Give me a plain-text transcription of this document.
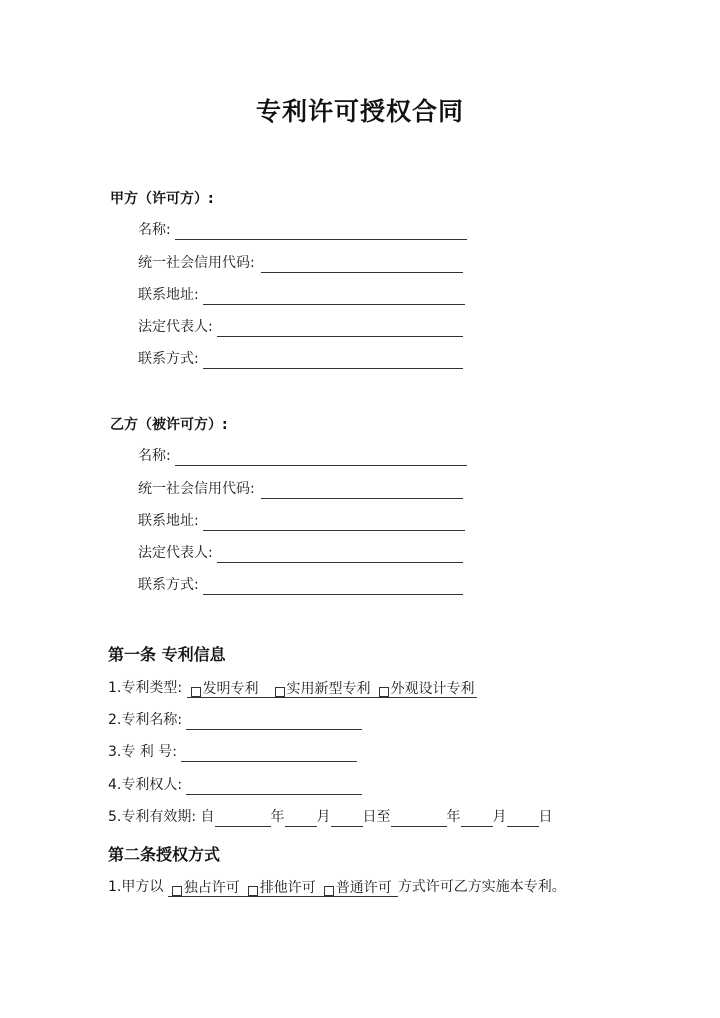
专利许可授权合同
甲方（许可方）:
名称:
统一社会信用代码:
联系地址:
法定代表人:
联系方式:
乙方（被许可方）:
名称:
统一社会信用代码:
联系地址:
法定代表人:
联系方式:
第一条 专利信息
1.专利类型: 发明专利 实用新型专利 外观设计专利
2.专利名称:
3.专 利 号:
4.专利权人:
5.专利有效期: 自	年 月 日至	年 月 日
第二条授权方式
1.甲方以 独占许可 排他许可 普通许可 方式许可乙方实施本专利。
